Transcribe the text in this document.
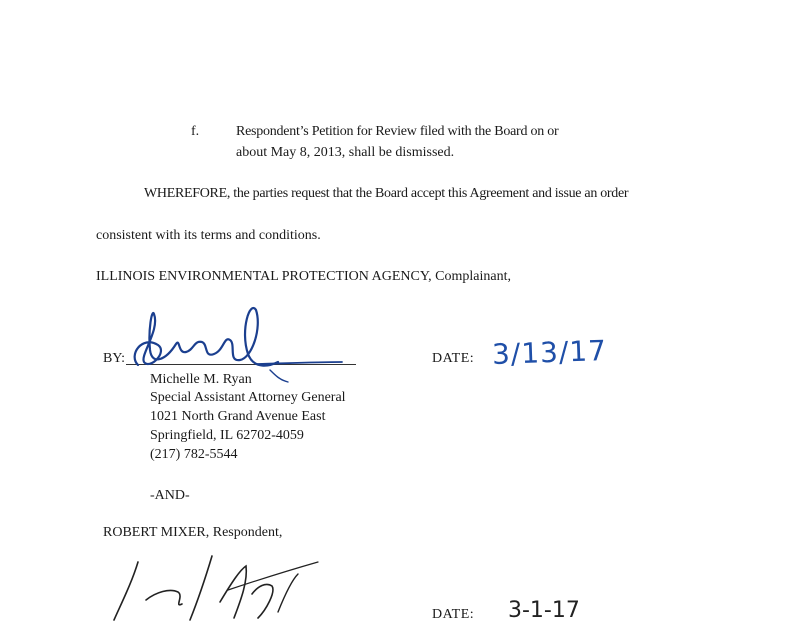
f.	Respondent’s Petition for Review filed with the Board on or
about May 8, 2013, shall be dismissed.
WHEREFORE, the parties request that the Board accept this Agreement and issue an order
consistent with its terms and conditions.
ILLINOIS ENVIRONMENTAL PROTECTION AGENCY, Complainant,
BY:	DATE: 3/13/17
Michelle M. Ryan
Special Assistant Attorney General
1021 North Grand Avenue East
Springfield, IL 62702-4059
(217) 782-5544
-AND-
ROBERT MIXER, Respondent,
DATE: 3-1-17
